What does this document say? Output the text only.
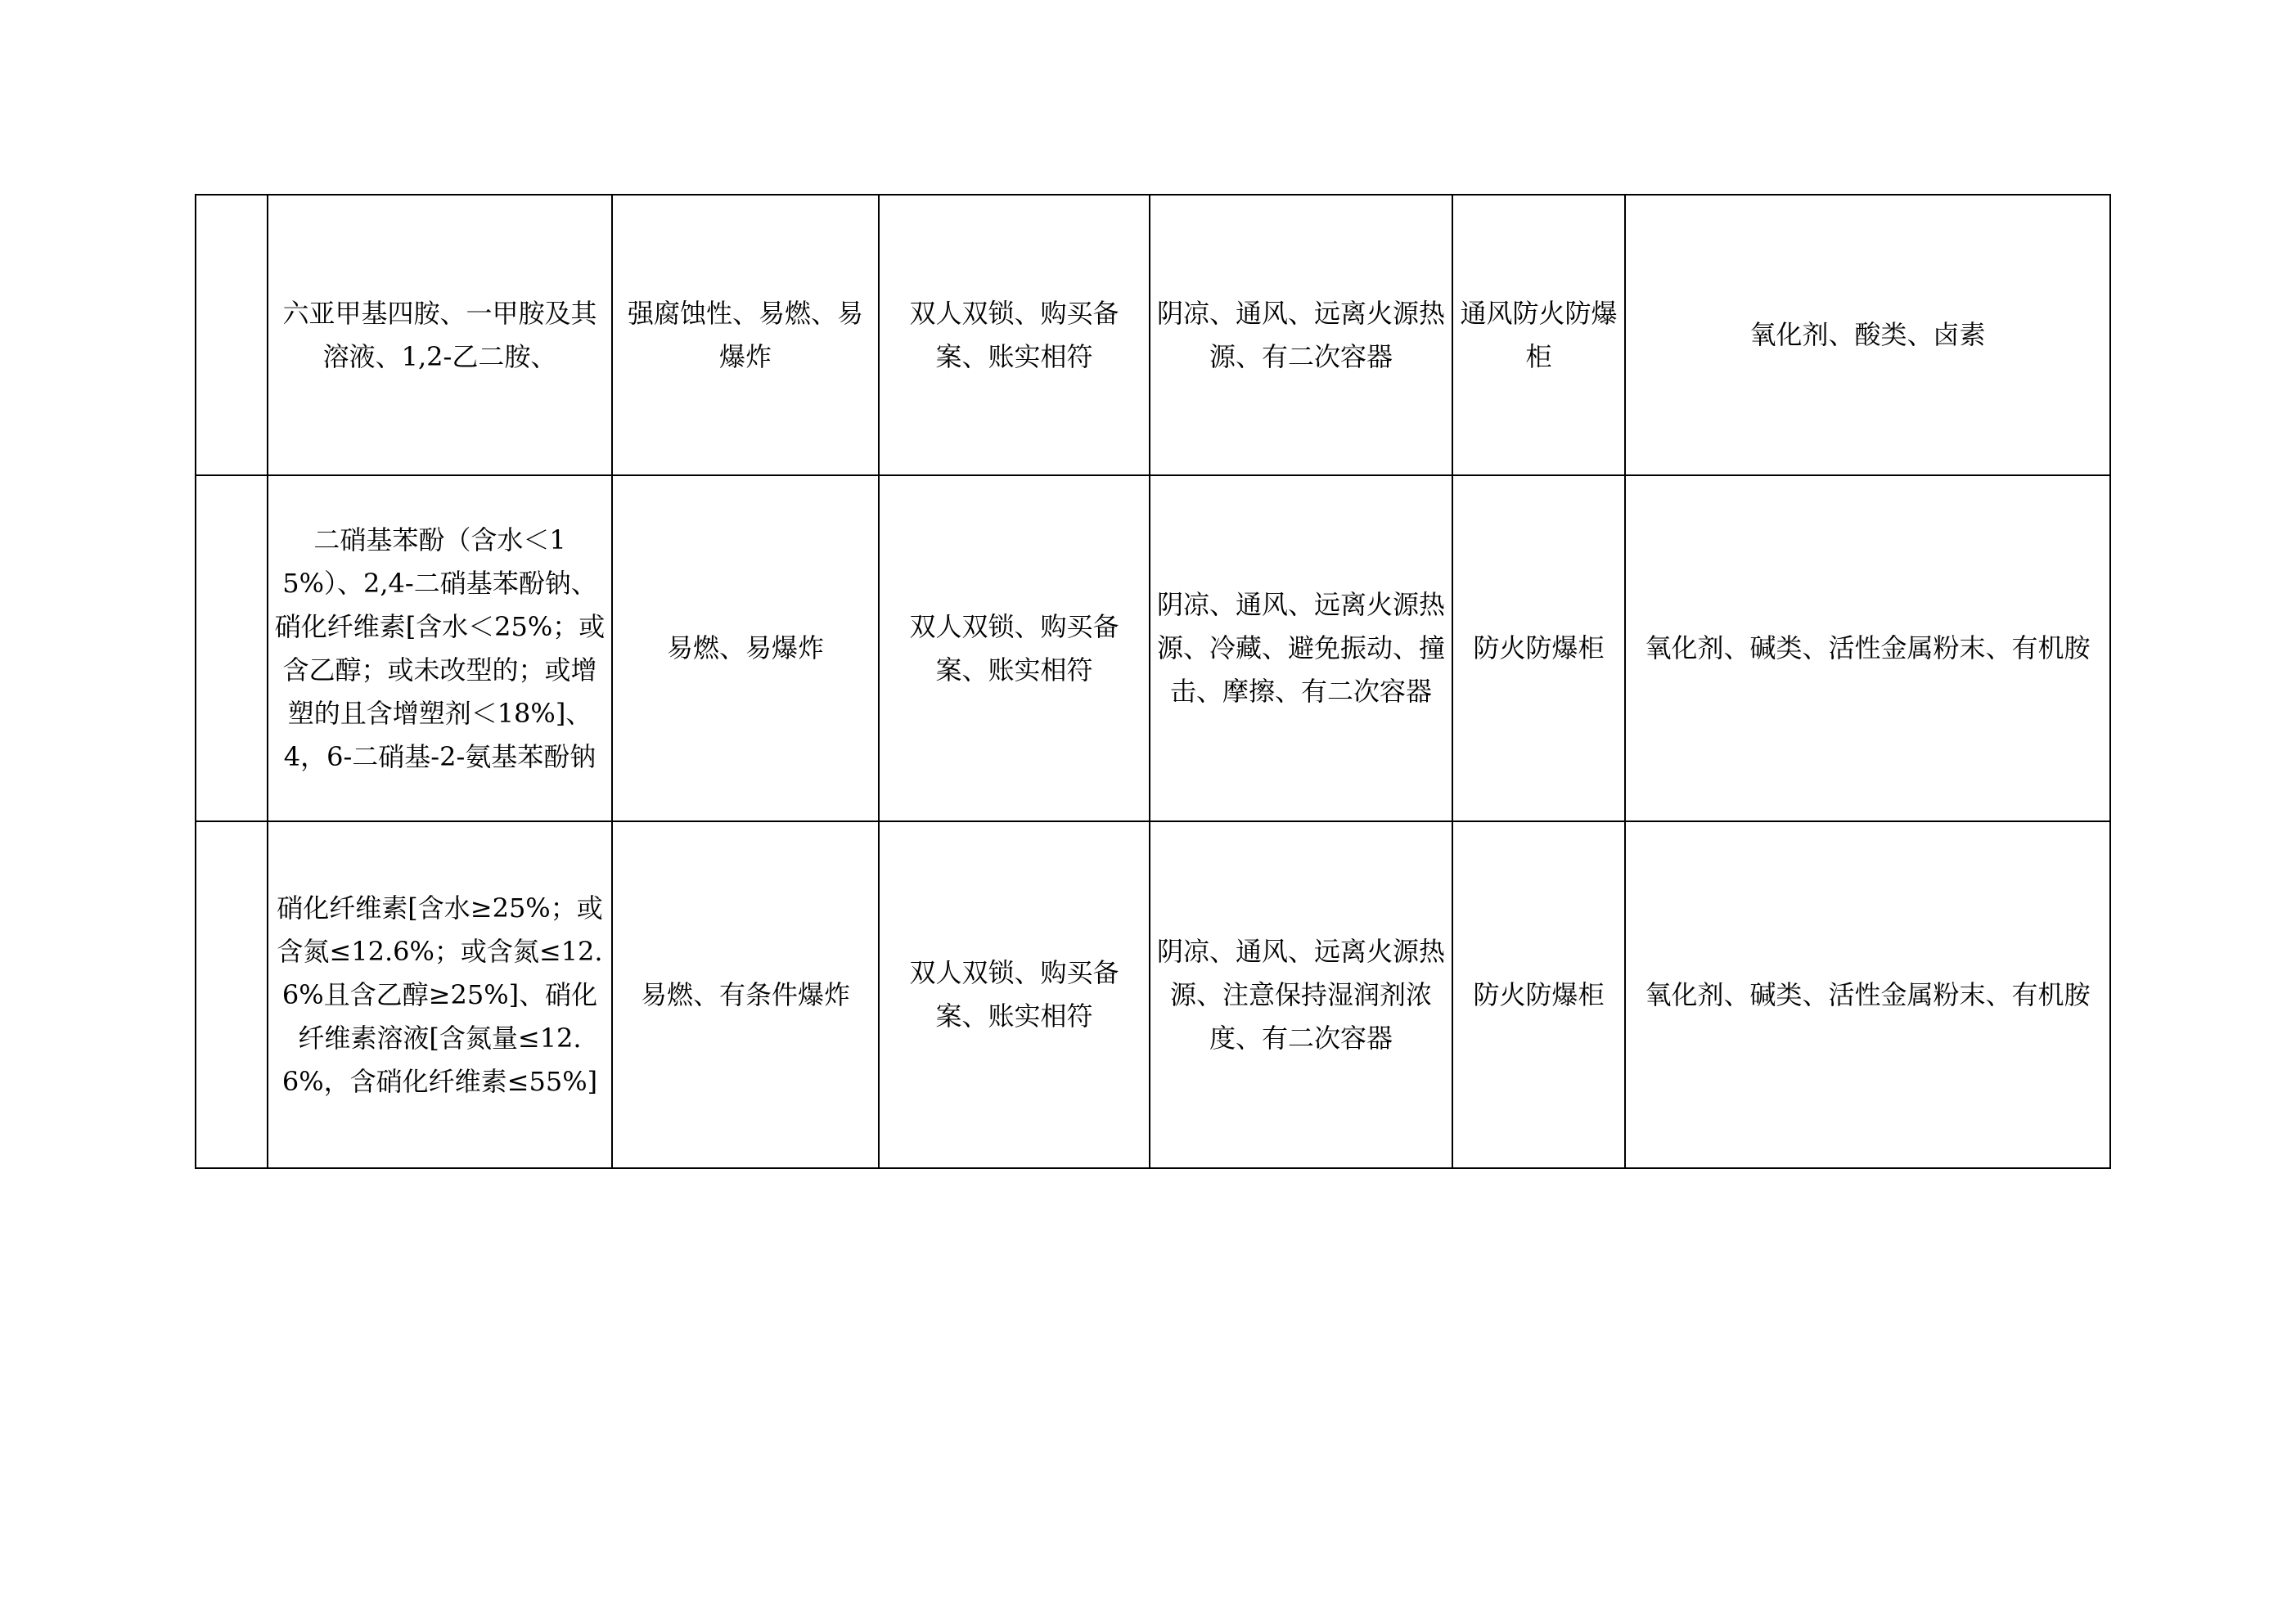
	六亚甲基四胺、一甲胺及其溶液、1,2-乙二胺、	强腐蚀性、易燃、易爆炸	双人双锁、购买备案、账实相符	阴凉、通风、远离火源热源、有二次容器	通风防火防爆柜	氧化剂、酸类、卤素

	二硝基苯酚（含水＜15%）、2,4-二硝基苯酚钠、硝化纤维素[含水＜25%；或含乙醇；或未改型的；或增塑的且含增塑剂＜18%]、4，6-二硝基-2-氨基苯酚钠	易燃、易爆炸	双人双锁、购买备案、账实相符	阴凉、通风、远离火源热源、冷藏、避免振动、撞击、摩擦、有二次容器	防火防爆柜	氧化剂、碱类、活性金属粉末、有机胺

	硝化纤维素[含水≥25%；或含氮≤12.6%；或含氮≤12.6%且含乙醇≥25%]、硝化纤维素溶液[含氮量≤12.6%，含硝化纤维素≤55%]	易燃、有条件爆炸	双人双锁、购买备案、账实相符	阴凉、通风、远离火源热源、注意保持湿润剂浓度、有二次容器	防火防爆柜	氧化剂、碱类、活性金属粉末、有机胺
